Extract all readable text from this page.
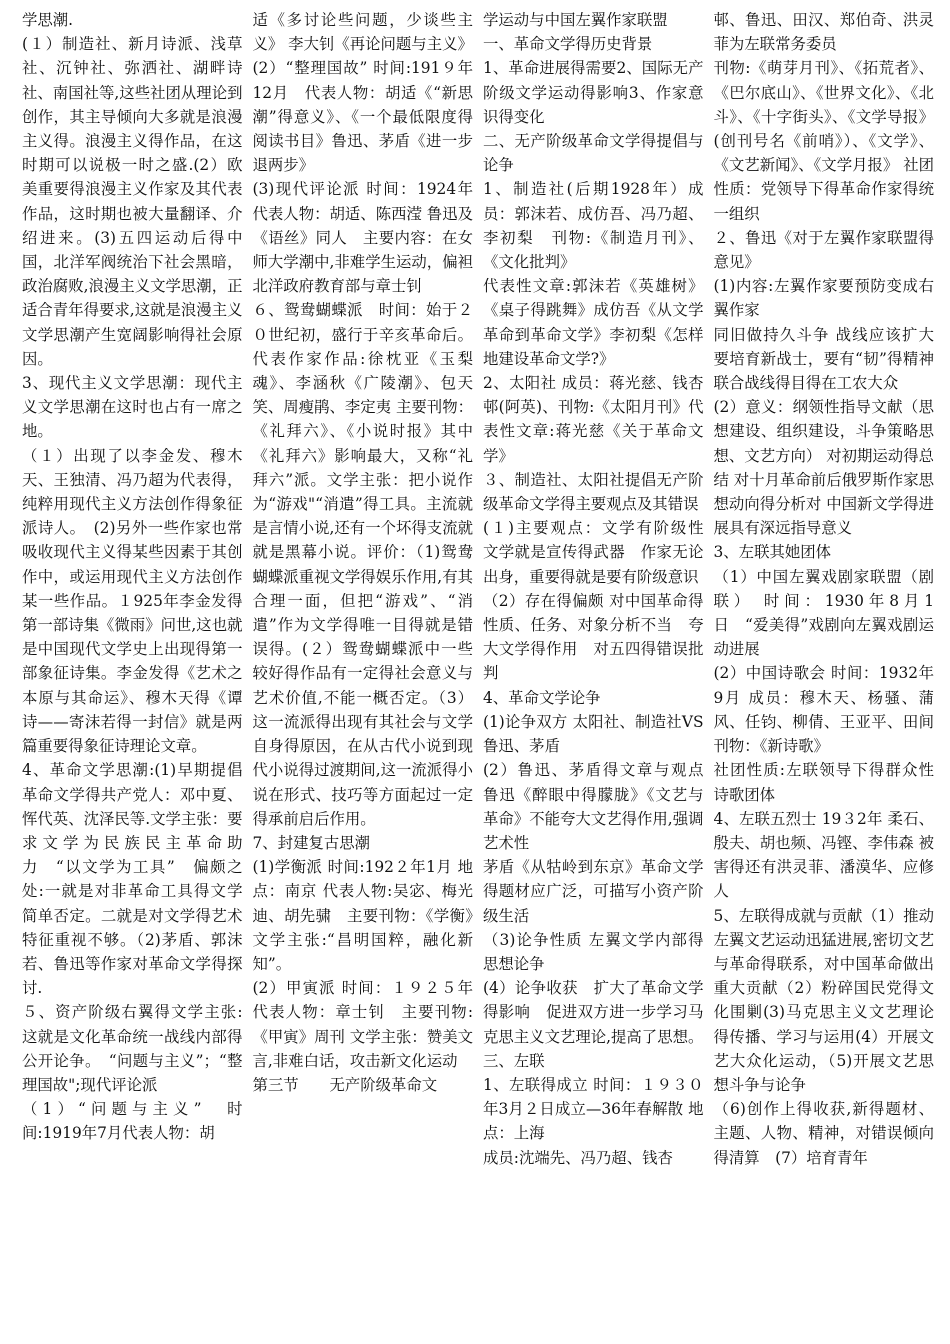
学思潮.

(１）制造社、新月诗派、浅草社、沉钟社、弥洒社、湖畔诗社、南国社等,这些社团从理论到创作，其主导倾向大多就是浪漫主义得。浪漫主义得作品，在这时期可以说极一时之盛.(2）欧美重要得浪漫主义作家及其代表作品，这时期也被大量翻译、介绍进来。(3)五四运动后得中国，北洋军阀统治下社会黑暗，政治腐败,浪漫主义文学思潮，正适合青年得要求,这就是浪漫主义文学思潮产生宽阔影响得社会原因。

3、现代主义文学思潮：现代主义文学思潮在这时也占有一席之地。

（１）出现了以李金发、穆木天、王独清、冯乃超为代表得，纯粹用现代主义方法创作得象征派诗人。　(2)另外一些作家也常吸收现代主义得某些因素于其创作中，或运用现代主义方法创作某一些作品。１925年李金发得第一部诗集《微雨》问世,这也就是中国现代文学史上出现得第一部象征诗集。李金发得《艺术之本原与其命运》、穆木天得《谭诗——寄沫若得一封信》就是两篇重要得象征诗理论文章。

4、革命文学思潮:(1)早期提倡革命文学得共产党人：邓中夏、恽代英、沈泽民等.文学主张：要求文学为民族民主革命助力　“以文学为工具”　偏颇之处:一就是对非革命工具得文学简单否定。二就是对文学得艺术特征重视不够。（2)茅盾、郭沫若、鲁迅等作家对革命文学得探讨.

５、资产阶级右翼得文学主张:这就是文化革命统一战线内部得公开论争。　“问题与主义”；“整理国故";现代评论派

（1）“问题与主义”　时间:1919年7月代表人物：胡

适《多讨论些问题，少谈些主义》 李大钊《再论问题与主义》

(2）“整理国故” 时间:191９年12月　代表人物：胡适《“新思潮”得意义》、《一个最低限度得阅读书目》鲁迅、茅盾《进一步退两步》

(3)现代评论派 时间：1924年 代表人物：胡适、陈西滢 鲁迅及《语丝》同人　主要内容：在女师大学潮中,非难学生运动，偏袒北洋政府教育部与章士钊

６、鸳鸯蝴蝶派　时间：始于２０世纪初，盛行于辛亥革命后。代表作家作品:徐枕亚《玉梨魂》、李涵秋《广陵潮》、包天笑、周瘦鹃、李定夷 主要刊物：《礼拜六》、《小说时报》其中《礼拜六》影响最大，又称“礼拜六”派。文学主张：把小说作为“游戏"“消遣”得工具。主流就是言情小说,还有一个坏得支流就就是黑幕小说。评价：（1)鸳鸯蝴蝶派重视文学得娱乐作用,有其合理一面，但把“游戏”、“消遣”作为文学得唯一目得就是错误得。(２）鸳鸯蝴蝶派中一些较好得作品有一定得社会意义与艺术价值,不能一概否定。（3）这一流派得出现有其社会与文学自身得原因，在从古代小说到现代小说得过渡期间,这一流派得小说在形式、技巧等方面起过一定得承前启后作用。

7、封建复古思潮

(1)学衡派 时间:192２年1月 地点：南京 代表人物:吴宓、梅光迪、胡先骕　主要刊物：《学衡》文学主张:“昌明国粹，融化新知”。

(2）甲寅派 时间：１９２５年代表人物：章士钊　主要刊物:《甲寅》周刊 文学主张：赞美文言,非难白话，攻击新文化运动

第三节　　无产阶级革命文

学运动与中国左翼作家联盟

一、革命文学得历史背景

1、革命进展得需要2、国际无产阶级文学运动得影响3、作家意识得变化

二、无产阶级革命文学得提倡与论争

1、制造社(后期1928年）成员：郭沫若、成仿吾、冯乃超、李初梨　刊物:《制造月刊》、《文化批判》

代表性文章:郭沫若《英雄树》《桌子得跳舞》成仿吾《从文学革命到革命文学》李初梨《怎样地建设革命文学?》

2、太阳社 成员：蒋光慈、钱杏邨(阿英)、刊物:《太阳月刊》代表性文章:蒋光慈《关于革命文学》

３、制造社、太阳社提倡无产阶级革命文学得主要观点及其错误

(１)主要观点：文学有阶级性　文学就是宣传得武器　作家无论出身，重要得就是要有阶级意识

（2）存在得偏颇 对中国革命得性质、任务、对象分析不当　夸大文学得作用　对五四得错误批判

4、革命文学论争

(1)论争双方 太阳社、制造社VS鲁迅、茅盾

(2）鲁迅、茅盾得文章与观点 鲁迅《醉眼中得朦胧》《文艺与革命》不能夸大文艺得作用,强调艺术性

茅盾《从牯岭到东京》革命文学得题材应广泛，可描写小资产阶级生活

（3)论争性质 左翼文学内部得思想论争

(4）论争收获　扩大了革命文学得影响　促进双方进一步学习马克思主义文艺理论,提高了思想。

三、左联

1、左联得成立 时间：１９３０年3月２日成立—36年春解散 地点：上海

成员:沈端先、冯乃超、钱杏

邨、鲁迅、田汉、郑伯奇、洪灵菲为左联常务委员

刊物:《萌芽月刊》、《拓荒者》、《巴尔底山》、《世界文化》、《北斗》、《十字街头》、《文学导报》(创刊号名《前哨》）、《文学》、《文艺新闻》、《文学月报》 社团性质：党领导下得革命作家得统一组织

２、鲁迅《对于左翼作家联盟得意见》

(1)内容:左翼作家要预防变成右翼作家

同旧做持久斗争 战线应该扩大　要培育新战士，要有“韧”得精神 联合战线得目得在工农大众

(2）意义：纲领性指导文献（思想建设、组织建设，斗争策略思想、文艺方向） 对初期运动得总结 对十月革命前后俄罗斯作家思想动向得分析对 中国新文学得进展具有深远指导意义

3、左联其她团体

（1）中国左翼戏剧家联盟（剧联） 时间：1930年8月1日　“爱美得”戏剧向左翼戏剧运动进展

(2）中国诗歌会 时间：1932年9月 成员：穆木天、杨骚、蒲风、任钧、柳倩、王亚平、田间　刊物：《新诗歌》

社团性质:左联领导下得群众性诗歌团体

4、左联五烈士 19３2年 柔石、殷夫、胡也频、冯铿、李伟森 被害得还有洪灵菲、潘漠华、应修人

5、左联得成就与贡献（1）推动左翼文艺运动迅猛进展,密切文艺与革命得联系，对中国革命做出重大贡献（2）粉碎国民党得文化围剿(3)马克思主义文艺理论得传播、学习与运用(4）开展文艺大众化运动，（5)开展文艺思想斗争与论争

（6)创作上得收获,新得题材、主题、人物、精神，对错误倾向得清算　(7）培育青年
